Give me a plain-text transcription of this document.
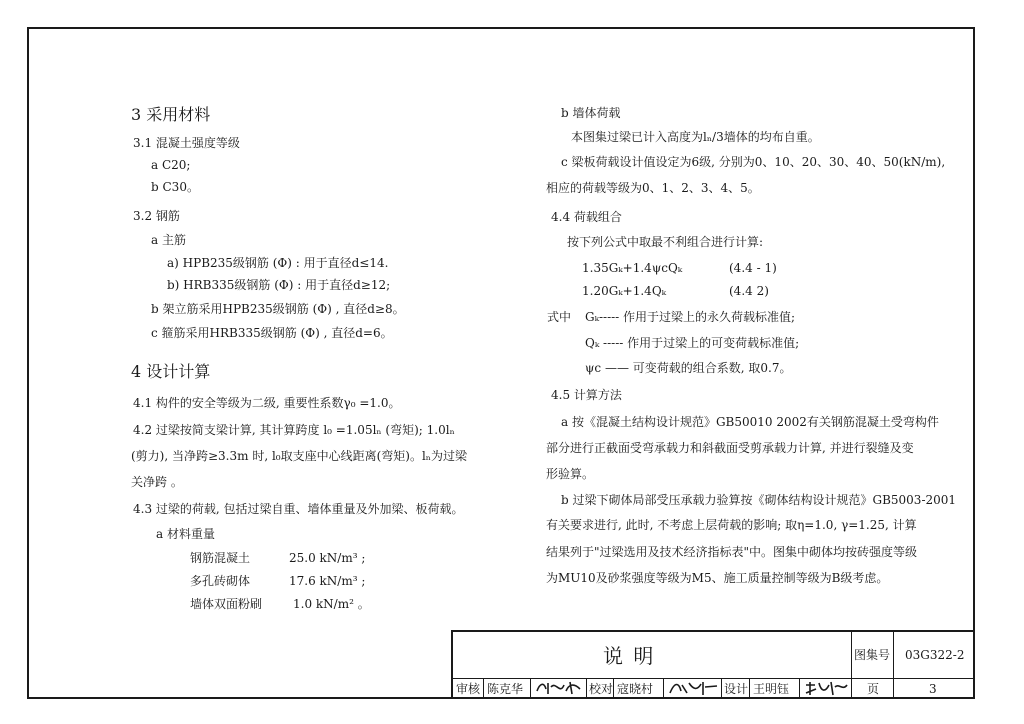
3 采用材料
3.1 混凝土强度等级
a C20;
b C30。
3.2 钢筋
a 主筋
a) HPB235级钢筋 (Φ) : 用于直径d≤14.
b) HRB335级钢筋 (Φ) : 用于直径d≥12;
b 架立筋采用HPB235级钢筋 (Φ) , 直径d≥8。
c 箍筋采用HRB335级钢筋 (Φ) , 直径d=6。
4 设计计算
4.1 构件的安全等级为二级, 重要性系数γ₀ =1.0。
4.2 过梁按简支梁计算, 其计算跨度 l₀ =1.05lₙ (弯矩); 1.0lₙ
(剪力), 当净跨≥3.3m 时, l₀取支座中心线距离(弯矩)。lₙ为过梁
关净跨 。
4.3 过梁的荷载, 包括过梁自重、墙体重量及外加梁、板荷载。
a 材料重量
钢筋混凝土	25.0 kN/m³ ;
多孔砖砌体	17.6 kN/m³ ;
墙体双面粉刷	1.0 kN/m² 。
b 墙体荷载
本图集过梁已计入高度为lₙ/3墙体的均布自重。
c 梁板荷载设计值设定为6级, 分别为0、10、20、30、40、50(kN/m),
相应的荷载等级为0、1、2、3、4、5。
4.4 荷载组合
按下列公式中取最不利组合进行计算:
1.35Gₖ+1.4ψcQₖ	(4.4 - 1)
1.20Gₖ+1.4Qₖ	(4.4 2)
式中 Gₖ----- 作用于过梁上的永久荷载标准值;
Qₖ ----- 作用于过梁上的可变荷载标准值;
ψc —— 可变荷载的组合系数, 取0.7。
4.5 计算方法
a 按《混凝土结构设计规范》GB50010 2002有关钢筋混凝土受弯构件
部分进行正截面受弯承载力和斜截面受剪承载力计算, 并进行裂缝及变
形验算。
b 过梁下砌体局部受压承载力验算按《砌体结构设计规范》GB5003-2001
有关要求进行, 此时, 不考虑上层荷载的影响; 取η=1.0, γ=1.25, 计算
结果列于"过梁选用及技术经济指标表"中。图集中砌体均按砖强度等级
为MU10及砂浆强度等级为M5、施工质量控制等级为B级考虑。
说 明	图集号 03G322-2
审核 陈克华	校对 寇晓村	设计 王明钰	页	3
